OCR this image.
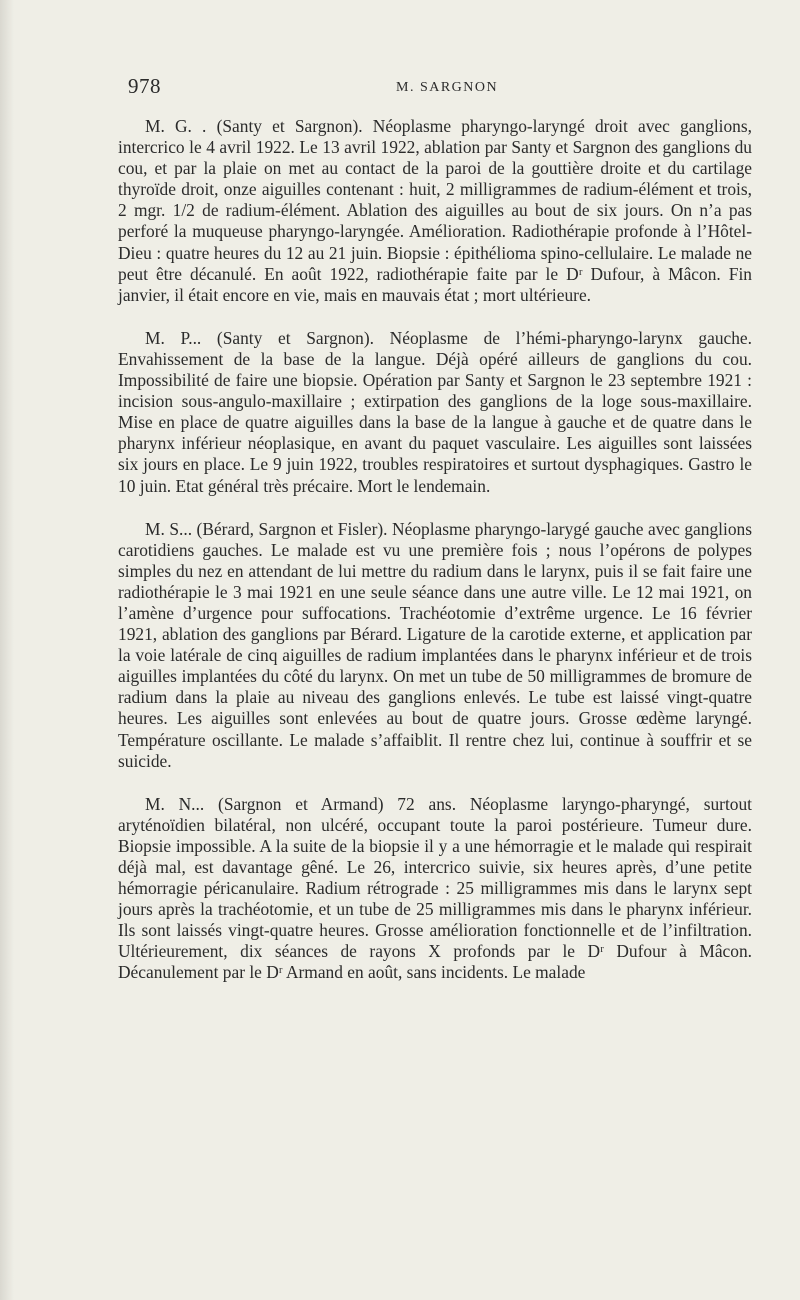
978	M. SARGNON

M. G. . (Santy et Sargnon). Néoplasme pharyngo-laryngé droit avec ganglions, intercrico le 4 avril 1922. Le 13 avril 1922, ablation par Santy et Sargnon des ganglions du cou, et par la plaie on met au contact de la paroi de la gouttière droite et du cartilage thyroïde droit, onze aiguilles contenant : huit, 2 milligrammes de radium-élément et trois, 2 mgr. 1/2 de radium-élément. Ablation des aiguilles au bout de six jours. On n’a pas perforé la muqueuse pharyngo-laryngée. Amélioration. Radiothérapie profonde à l’Hôtel-Dieu : quatre heures du 12 au 21 juin. Biopsie : épithélioma spino-cellulaire. Le malade ne peut être décanulé. En août 1922, radiothérapie faite par le Dʳ Dufour, à Mâcon. Fin janvier, il était encore en vie, mais en mauvais état ; mort ultérieure.

M. P... (Santy et Sargnon). Néoplasme de l’hémi-pharyngo-larynx gauche. Envahissement de la base de la langue. Déjà opéré ailleurs de ganglions du cou. Impossibilité de faire une biopsie. Opération par Santy et Sargnon le 23 septembre 1921 : incision sous-angulo-maxillaire ; extirpation des ganglions de la loge sous-maxillaire. Mise en place de quatre aiguilles dans la base de la langue à gauche et de quatre dans le pharynx inférieur néoplasique, en avant du paquet vasculaire. Les aiguilles sont laissées six jours en place. Le 9 juin 1922, troubles respiratoires et surtout dysphagiques. Gastro le 10 juin. Etat général très précaire. Mort le lendemain.

M. S... (Bérard, Sargnon et Fisler). Néoplasme pharyngo-larygé gauche avec ganglions carotidiens gauches. Le malade est vu une première fois ; nous l’opérons de polypes simples du nez en attendant de lui mettre du radium dans le larynx, puis il se fait faire une radiothérapie le 3 mai 1921 en une seule séance dans une autre ville. Le 12 mai 1921, on l’amène d’urgence pour suffocations. Trachéotomie d’extrême urgence. Le 16 février 1921, ablation des ganglions par Bérard. Ligature de la carotide externe, et application par la voie latérale de cinq aiguilles de radium implantées dans le pharynx inférieur et de trois aiguilles implantées du côté du larynx. On met un tube de 50 milligrammes de bromure de radium dans la plaie au niveau des ganglions enlevés. Le tube est laissé vingt-quatre heures. Les aiguilles sont enlevées au bout de quatre jours. Grosse œdème laryngé. Température oscillante. Le malade s’affaiblit. Il rentre chez lui, continue à souffrir et se suicide.

M. N... (Sargnon et Armand) 72 ans. Néoplasme laryngo-pharyngé, surtout aryténoïdien bilatéral, non ulcéré, occupant toute la paroi postérieure. Tumeur dure. Biopsie impossible. A la suite de la biopsie il y a une hémorragie et le malade qui respirait déjà mal, est davantage gêné. Le 26, intercrico suivie, six heures après, d’une petite hémorragie péricanulaire. Radium rétrograde : 25 milligrammes mis dans le larynx sept jours après la trachéotomie, et un tube de 25 milligrammes mis dans le pharynx inférieur. Ils sont laissés vingt-quatre heures. Grosse amélioration fonctionnelle et de l’infiltration. Ultérieurement, dix séances de rayons X profonds par le Dʳ Dufour à Mâcon. Décanulement par le Dʳ Armand en août, sans incidents. Le malade
